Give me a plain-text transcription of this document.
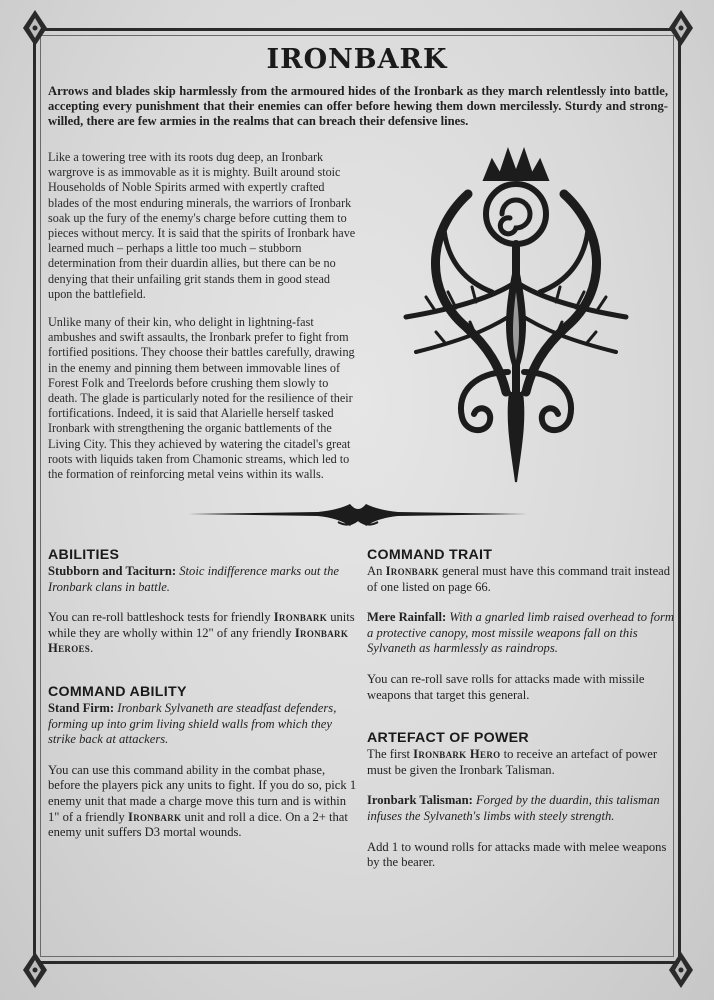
IRONBARK
Arrows and blades skip harmlessly from the armoured hides of the Ironbark as they march relentlessly into battle, accepting every punishment that their enemies can offer before hewing them down mercilessly. Sturdy and strong-willed, there are few armies in the realms that can breach their defensive lines.

Like a towering tree with its roots dug deep, an Ironbark wargrove is as immovable as it is mighty. Built around stoic Households of Noble Spirits armed with expertly crafted blades of the most enduring minerals, the warriors of Ironbark soak up the fury of the enemy's charge before cutting them to pieces without mercy. It is said that the spirits of Ironbark have learned much – perhaps a little too much – stubborn determination from their duardin allies, but there can be no denying that their unfailing grit stands them in good stead upon the battlefield.

Unlike many of their kin, who delight in lightning-fast ambushes and swift assaults, the Ironbark prefer to fight from fortified positions. They choose their battles carefully, drawing in the enemy and pinning them between immovable lines of Forest Folk and Treelords before crushing them slowly to death. The glade is particularly noted for the resilience of their fortifications. Indeed, it is said that Alarielle herself tasked Ironbark with strengthening the organic battlements of the Living City. This they achieved by watering the citadel's great roots with liquids taken from Chamonic streams, which led to the formation of reinforcing metal veins within its walls.

ABILITIES

Stubborn and Taciturn: Stoic indifference marks out the Ironbark clans in battle.

You can re-roll battleshock tests for friendly Ironbark units while they are wholly within 12" of any friendly Ironbark Heroes.

COMMAND ABILITY

Stand Firm: Ironbark Sylvaneth are steadfast defenders, forming up into grim living shield walls from which they strike back at attackers.

You can use this command ability in the combat phase, before the players pick any units to fight. If you do so, pick 1 enemy unit that made a charge move this turn and is within 1" of a friendly Ironbark unit and roll a dice. On a 2+ that enemy unit suffers D3 mortal wounds.

COMMAND TRAIT

An Ironbark general must have this command trait instead of one listed on page 66.

Mere Rainfall: With a gnarled limb raised overhead to form a protective canopy, most missile weapons fall on this Sylvaneth as harmlessly as raindrops.

You can re-roll save rolls for attacks made with missile weapons that target this general.

ARTEFACT OF POWER

The first Ironbark Hero to receive an artefact of power must be given the Ironbark Talisman.

Ironbark Talisman: Forged by the duardin, this talisman infuses the Sylvaneth's limbs with steely strength.

Add 1 to wound rolls for attacks made with melee weapons by the bearer.
